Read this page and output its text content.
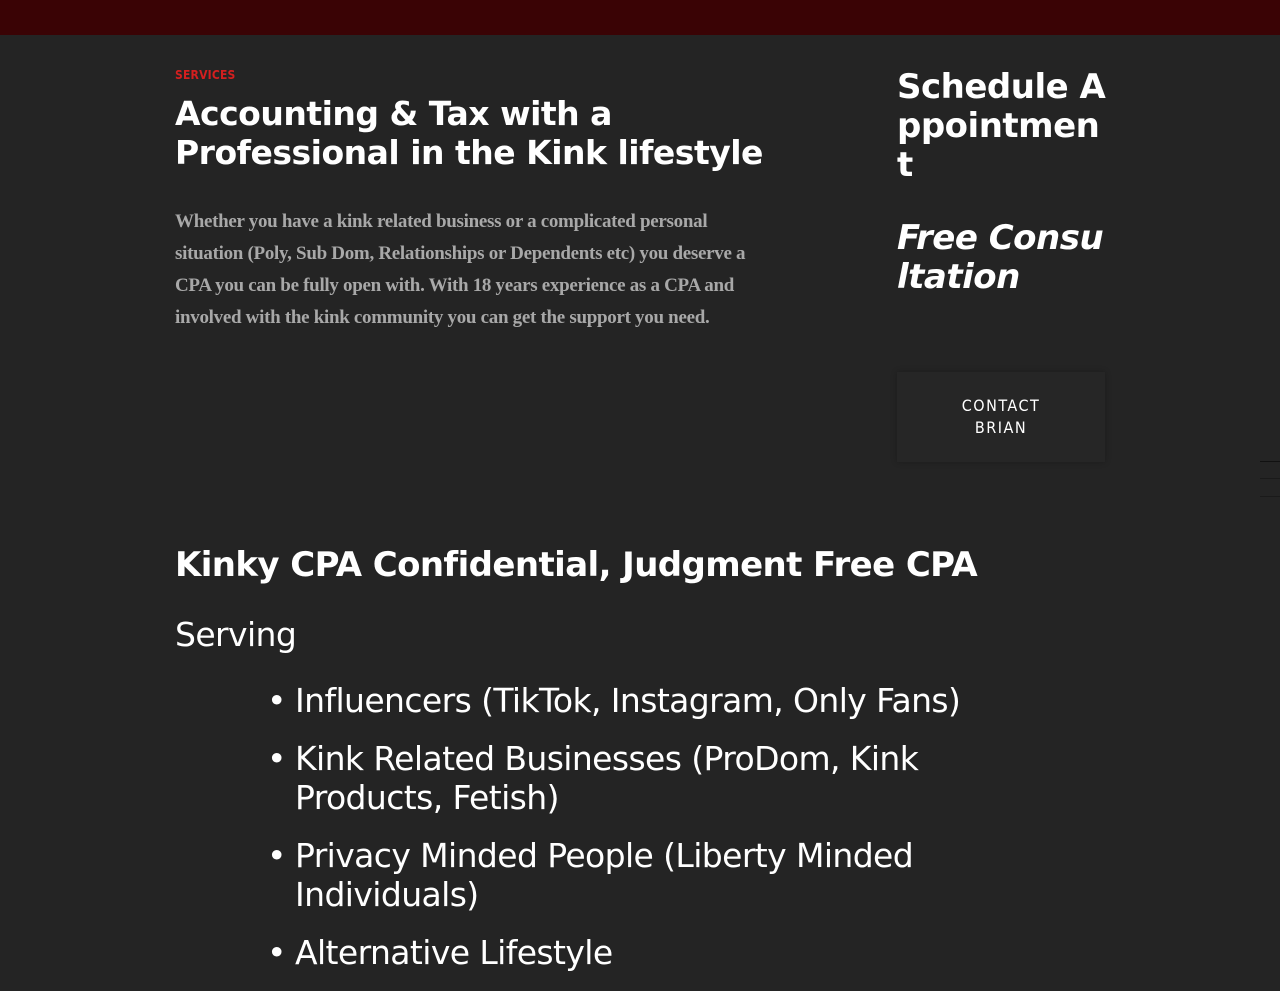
SERVICES
Accounting & Tax with a Professional in the Kink lifestyle

Whether you have a kink related business or a complicated personal situation (Poly, Sub Dom, Relationships or Dependents etc) you deserve a CPA you can be fully open with. With 18 years experience as a CPA and involved with the kink community you can get the support you need.

Schedule Appointment
Free Consultation
CONTACT BRIAN
Kinky CPA Confidential, Judgment Free CPA

Serving

• Influencers (TikTok, Instagram, Only Fans)
• Kink Related Businesses (ProDom, Kink Products, Fetish)
• Privacy Minded People (Liberty Minded Individuals)
• Alternative Lifestyle
